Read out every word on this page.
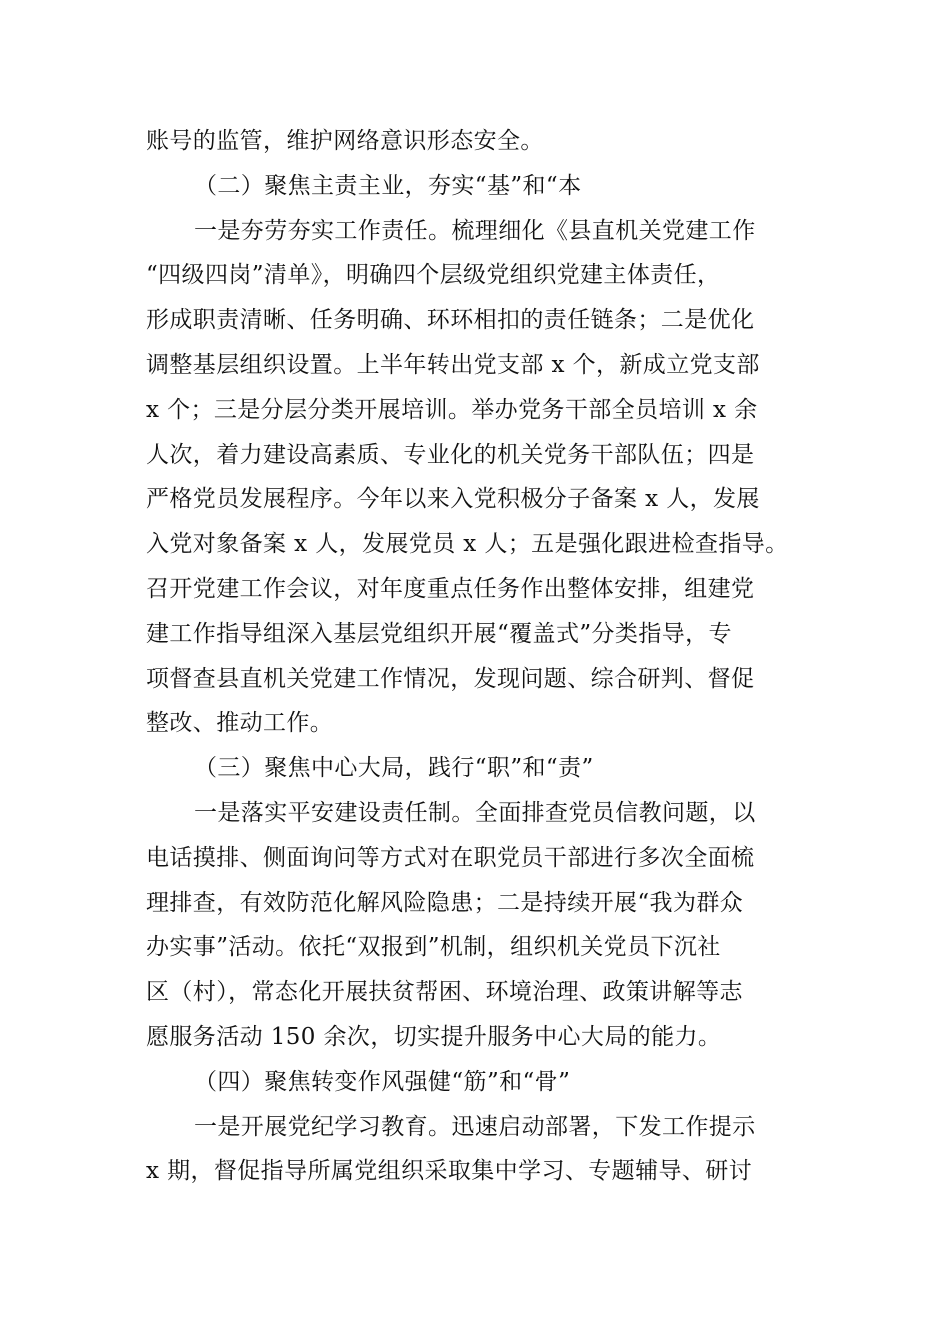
账号的监管，维护网络意识形态安全。
（二）聚焦主责主业，夯实“基”和“本
一是夯劳夯实工作责任。梳理细化《县直机关党建工作
“四级四岗”清单》，明确四个层级党组织党建主体责任，
形成职责清晰、任务明确、环环相扣的责任链条；二是优化
调整基层组织设置。上半年转出党支部 x 个，新成立党支部
x 个；三是分层分类开展培训。举办党务干部全员培训 x 余
人次，着力建设高素质、专业化的机关党务干部队伍；四是
严格党员发展程序。今年以来入党积极分子备案 x 人，发展
入党对象备案 x 人，发展党员 x 人；五是强化跟进检查指导。
召开党建工作会议，对年度重点任务作出整体安排，组建党
建工作指导组深入基层党组织开展“覆盖式”分类指导，专
项督查县直机关党建工作情况，发现问题、综合研判、督促
整改、推动工作。
（三）聚焦中心大局，践行“职”和“责”
一是落实平安建设责任制。全面排查党员信教问题，以
电话摸排、侧面询问等方式对在职党员干部进行多次全面梳
理排查，有效防范化解风险隐患；二是持续开展“我为群众
办实事”活动。依托“双报到”机制，组织机关党员下沉社
区（村），常态化开展扶贫帮困、环境治理、政策讲解等志
愿服务活动 150 余次，切实提升服务中心大局的能力。
（四）聚焦转变作风强健“筋”和“骨”
一是开展党纪学习教育。迅速启动部署，下发工作提示
x 期，督促指导所属党组织采取集中学习、专题辅导、研讨
